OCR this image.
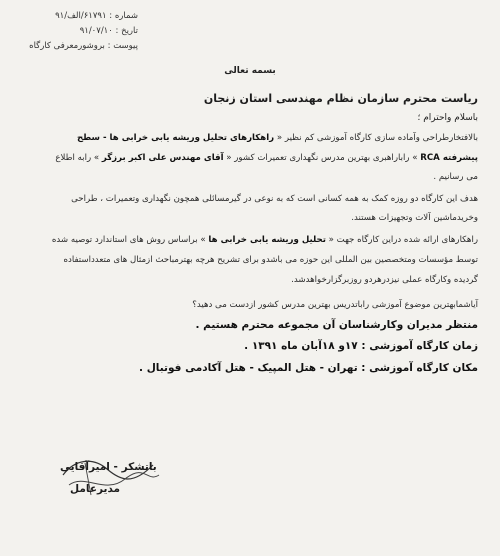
شماره : ۶۱۷۹۱/الف/۹۱
تاریخ : ۹۱/۰۷/۱۰
پیوست : بروشورمعرفی کارگاه
بسمه تعالی
ریاست محترم سازمان نظام مهندسی استان زنجان
باسلام واحترام ؛
بالافتخارطراحی وآماده سازی کارگاه آموزشی کم نظیر « راهکارهای تحلیل وریشه یابی خرابی ها - سطح
پیشرفته RCA » راباراهبری بهترین مدرس نگهداری تعمیرات کشور « آقای مهندس علی اکبر برزگر » رابه اطلاع
می رسانیم .
هدف این کارگاه دو روزه کمک به همه کسانی است که به نوعی در گیرمسائلی همچون نگهداری وتعمیرات ، طراحی
وخریدماشین آلات وتجهیزات هستند.
راهکارهای ارائه شده دراین کارگاه جهت « تحلیل وریشه یابی خرابی ها » براساس روش های استاندارد توصیه شده
توسط مؤسسات ومتخصصین بین المللی این حوزه می باشدو برای تشریح هرچه بهترمباحث ازمثال های متعدداستفاده
گردیده وکارگاه عملی نیزدرهردو روزبرگزارخواهدشد.
آیاشمابهترین موضوع آموزشی راباتدریس بهترین مدرس کشور ازدست می دهید؟
منتظر مدیران وکارشناسان آن مجموعه محترم هستیم .
زمان کارگاه آموزشی : ۱۷و ۱۸آبان ماه ۱۳۹۱ .
مکان کارگاه آموزشی : تهران - هتل المپیک - هتل آکادمی فوتبال .
باتشکر - امیرآقایی
مدیرعامل
